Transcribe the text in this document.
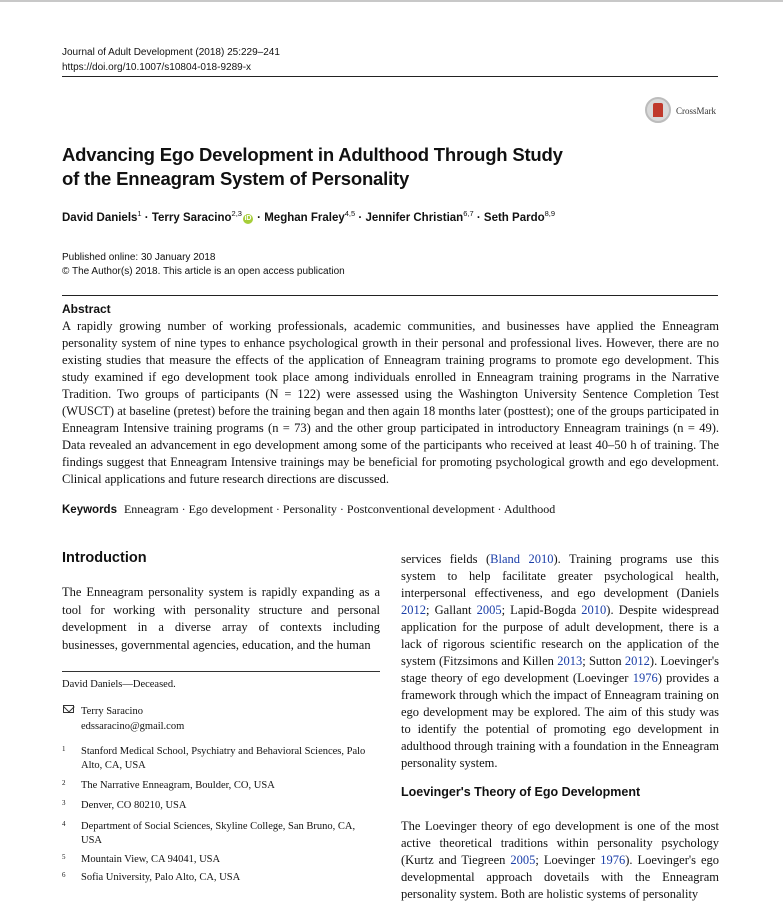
Journal of Adult Development (2018) 25:229–241
https://doi.org/10.1007/s10804-018-9289-x
CrossMark
Advancing Ego Development in Adulthood Through Study
of the Enneagram System of Personality
David Daniels$^1$ · Terry Saracino$^{2,3}$iD · Meghan Fraley$^{4,5}$ · Jennifer Christian$^{6,7}$ · Seth Pardo$^{8,9}$
Published online: 30 January 2018
© The Author(s) 2018. This article is an open access publication
Abstract
A rapidly growing number of working professionals, academic communities, and businesses have applied the Enneagram personality system of nine types to enhance psychological growth in their personal and professional lives. However, there are no existing studies that measure the effects of the application of Enneagram training programs to promote ego development. This study examined if ego development took place among individuals enrolled in Enneagram training programs in the Narrative Tradition. Two groups of participants (N = 122) were assessed using the Washington University Sentence Completion Test (WUSCT) at baseline (pretest) before the training began and then again 18 months later (posttest); one of the groups participated in Enneagram Intensive training programs (n = 73) and the other group participated in introductory Enneagram trainings (n = 49). Data revealed an advancement in ego development among some of the participants who received at least 40–50 h of training. The findings suggest that Enneagram Intensive trainings may be beneficial for promoting psychological growth and ego development. Clinical applications and future research directions are discussed.
Keywords Enneagram · Ego development · Personality · Postconventional development · Adulthood
Introduction
The Enneagram personality system is rapidly expanding as a tool for working with personality structure and personal development in a diverse array of contexts including businesses, governmental agencies, education, and the human
David Daniels—Deceased.
Terry Saracino
edssaracino@gmail.com
1 Stanford Medical School, Psychiatry and Behavioral Sciences, Palo Alto, CA, USA
2 The Narrative Enneagram, Boulder, CO, USA
3 Denver, CO 80210, USA
4 Department of Social Sciences, Skyline College, San Bruno, CA, USA
5 Mountain View, CA 94041, USA
6 Sofia University, Palo Alto, CA, USA
services fields (Bland 2010). Training programs use this system to help facilitate greater psychological health, interpersonal effectiveness, and ego development (Daniels 2012; Gallant 2005; Lapid-Bogda 2010). Despite widespread application for the purpose of adult development, there is a lack of rigorous scientific research on the application of the system (Fitzsimons and Killen 2013; Sutton 2012). Loevinger's stage theory of ego development (Loevinger 1976) provides a framework through which the impact of Enneagram training on ego development may be explored. The aim of this study was to identify the potential of promoting ego development in adulthood through training with a foundation in the Enneagram personality system.
Loevinger's Theory of Ego Development
The Loevinger theory of ego development is one of the most active theoretical traditions within personality psychology (Kurtz and Tiegreen 2005; Loevinger 1976). Loevinger's ego developmental approach dovetails with the Enneagram personality system. Both are holistic systems of personality
